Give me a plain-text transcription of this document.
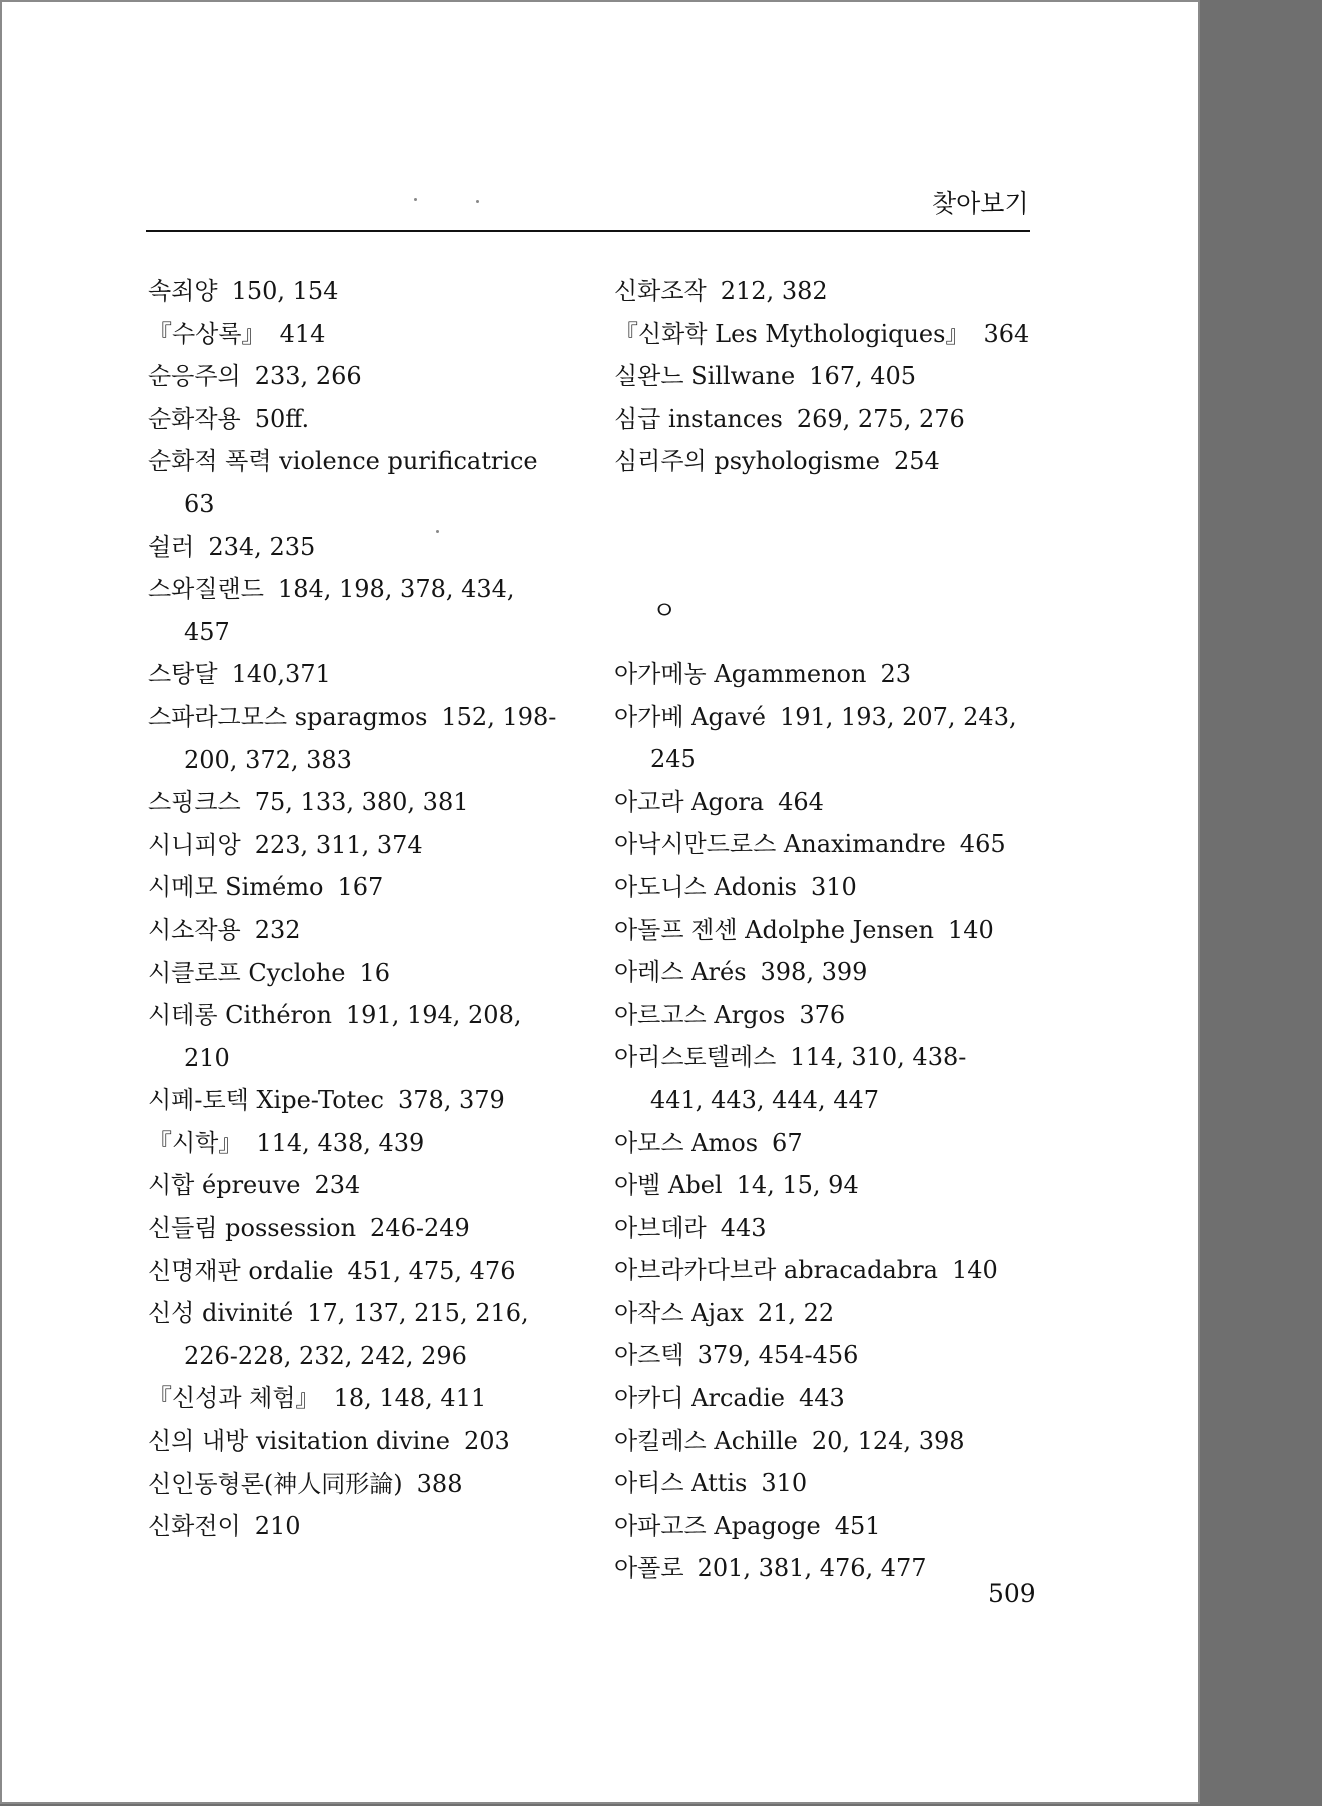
찾아보기
속죄양 150, 154
『수상록』 414
순응주의 233, 266
순화작용 50ff.
순화적 폭력 violence purificatrice
63
쉴러 234, 235
스와질랜드 184, 198, 378, 434,
457
스탕달 140,371
스파라그모스 sparagmos 152, 198-
200, 372, 383
스핑크스 75, 133, 380, 381
시니피앙 223, 311, 374
시메모 Simémo 167
시소작용 232
시클로프 Cyclohe 16
시테롱 Cithéron 191, 194, 208,
210
시페-토텍 Xipe-Totec 378, 379
『시학』 114, 438, 439
시합 épreuve 234
신들림 possession 246-249
신명재판 ordalie 451, 475, 476
신성 divinité 17, 137, 215, 216,
226-228, 232, 242, 296
『신성과 체험』 18, 148, 411
신의 내방 visitation divine 203
신인동형론(神人同形論) 388
신화전이 210
신화조작 212, 382
『신화학 Les Mythologiques』 364
실완느 Sillwane 167, 405
심급 instances 269, 275, 276
심리주의 psyhologisme 254
ㅇ
아가메농 Agammenon 23
아가베 Agavé 191, 193, 207, 243,
245
아고라 Agora 464
아낙시만드로스 Anaximandre 465
아도니스 Adonis 310
아돌프 젠센 Adolphe Jensen 140
아레스 Arés 398, 399
아르고스 Argos 376
아리스토텔레스 114, 310, 438-
441, 443, 444, 447
아모스 Amos 67
아벨 Abel 14, 15, 94
아브데라 443
아브라카다브라 abracadabra 140
아작스 Ajax 21, 22
아즈텍 379, 454-456
아카디 Arcadie 443
아킬레스 Achille 20, 124, 398
아티스 Attis 310
아파고즈 Apagoge 451
아폴로 201, 381, 476, 477
509
